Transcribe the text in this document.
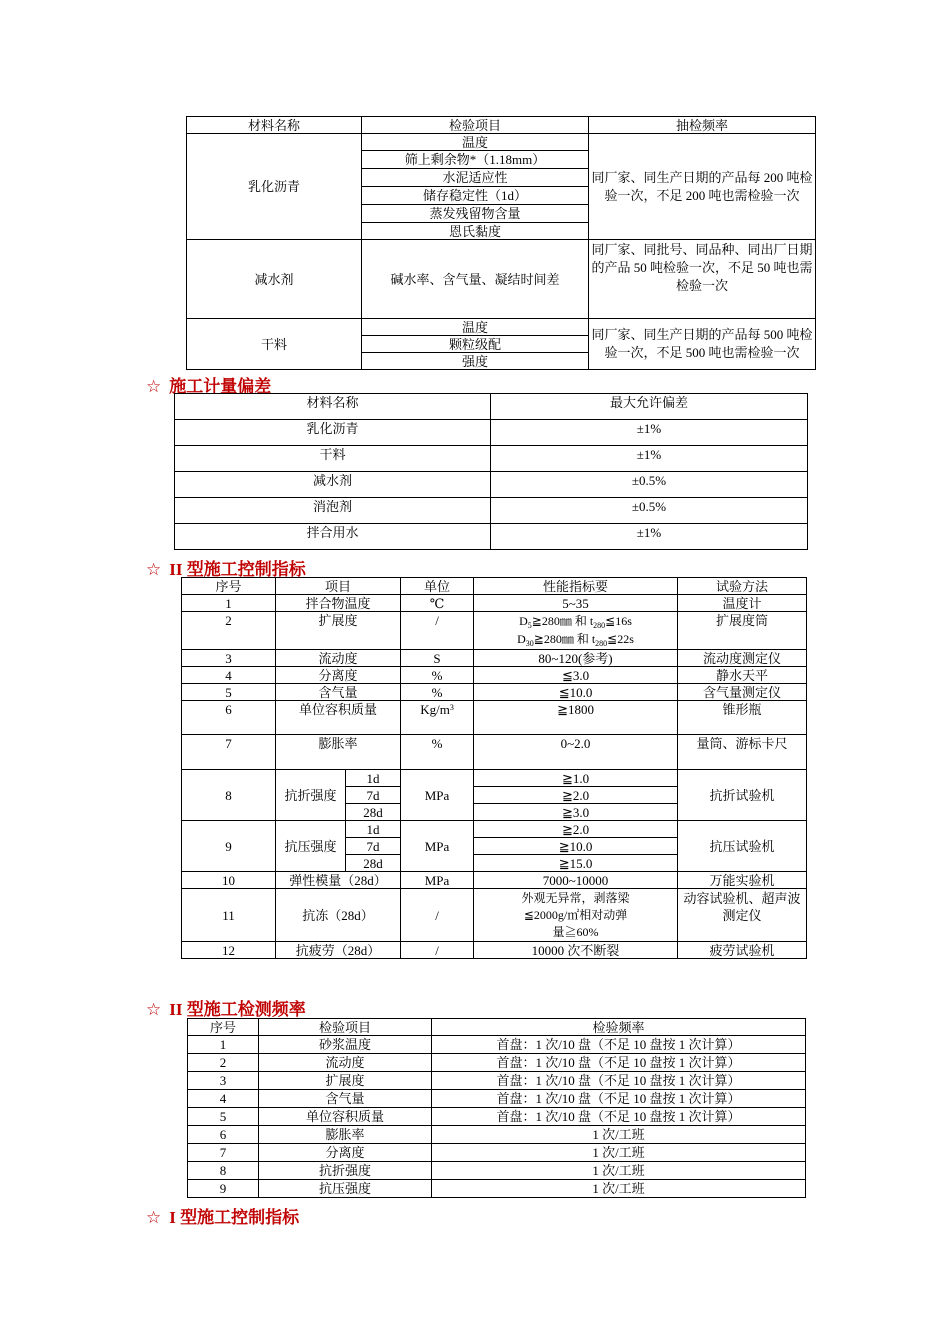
材料名称	检验项目	抽检频率
乳化沥青	温度	同厂家、同生产日期的产品每 200 吨检验一次，不足 200 吨也需检验一次
	筛上剩余物*（1.18mm）	
	水泥适应性	
	储存稳定性（1d）	
	蒸发残留物含量	
	恩氏黏度	
减水剂	碱水率、含气量、凝结时间差	同厂家、同批号、同品种、同出厂日期的产品 50 吨检验一次，不足 50 吨也需检验一次
干料	温度	同厂家、同生产日期的产品每 500 吨检验一次，不足 500 吨也需检验一次
	颗粒级配	
	强度	
☆ 施工计量偏差
材料名称	最大允许偏差
乳化沥青	±1%
干料	±1%
减水剂	±0.5%
消泡剂	±0.5%
拌合用水	±1%
☆ II 型施工控制指标
序号	项目		单位	性能指标要	试验方法
1	拌合物温度		℃	5~35	温度计
2	扩展度		/	$D_5≧280㎜$ 和 $t_{280}≦16s$
$D_{30}≧280㎜$ 和 $t_{280}≦22s$	扩展度筒
3	流动度		S	80~120(参考)	流动度测定仪
4	分离度		%	≦3.0	静水天平
5	含气量		%	≦10.0	含气量测定仪
6	单位容积质量		$Kg/m^3$	≧1800	锥形瓶
7	膨胀率		%	0~2.0	量筒、游标卡尺
8	抗折强度	1d	MPa	≧1.0	抗折试验机
		7d		≧2.0	
		28d		≧3.0	
9	抗压强度	1d	MPa	≧2.0	抗压试验机
		7d		≧10.0	
		28d		≧15.0	
10	弹性模量（28d）		MPa	7000~10000	万能实验机
11	抗冻（28d）		/	外观无异常，剥落梁
≦2000g/㎡相对动弹
量≧60%	动容试验机、超声波测定仪
12	抗疲劳（28d）		/	10000 次不断裂	疲劳试验机
☆ II 型施工检测频率
序号	检验项目	检验频率
1	砂浆温度	首盘：1 次/10 盘（不足 10 盘按 1 次计算）
2	流动度	首盘：1 次/10 盘（不足 10 盘按 1 次计算）
3	扩展度	首盘：1 次/10 盘（不足 10 盘按 1 次计算）
4	含气量	首盘：1 次/10 盘（不足 10 盘按 1 次计算）
5	单位容积质量	首盘：1 次/10 盘（不足 10 盘按 1 次计算）
6	膨胀率	1 次/工班
7	分离度	1 次/工班
8	抗折强度	1 次/工班
9	抗压强度	1 次/工班
☆ I 型施工控制指标
